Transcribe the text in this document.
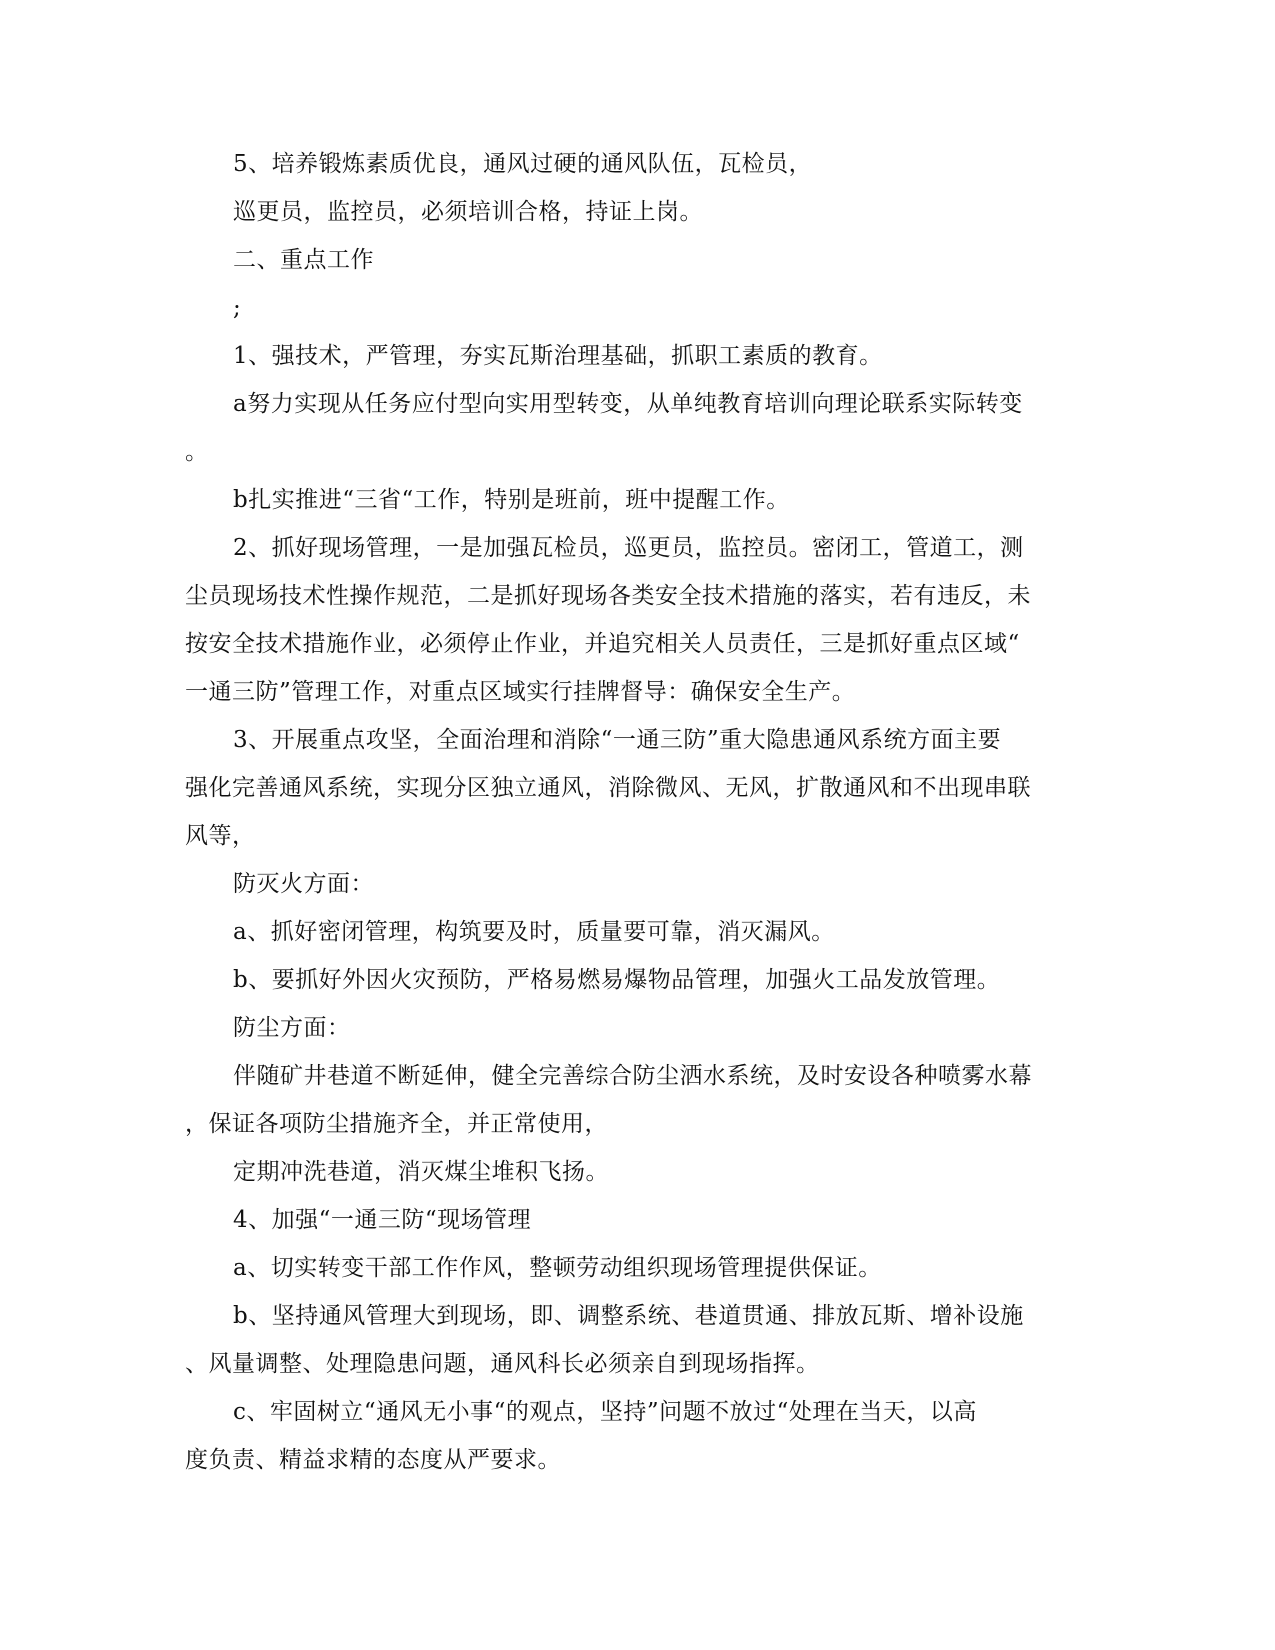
5、培养锻炼素质优良，通风过硬的通风队伍，瓦检员，
巡更员，监控员，必须培训合格，持证上岗。
二、重点工作
;
1、强技术，严管理，夯实瓦斯治理基础，抓职工素质的教育。
a努力实现从任务应付型向实用型转变，从单纯教育培训向理论联系实际转变
。
b扎实推进“三省“工作，特别是班前，班中提醒工作。
2、抓好现场管理，一是加强瓦检员，巡更员，监控员。密闭工，管道工，测
尘员现场技术性操作规范，二是抓好现场各类安全技术措施的落实，若有违反，未
按安全技术措施作业，必须停止作业，并追究相关人员责任，三是抓好重点区域“
一通三防”管理工作，对重点区域实行挂牌督导：确保安全生产。
3、开展重点攻坚，全面治理和消除“一通三防”重大隐患通风系统方面主要
强化完善通风系统，实现分区独立通风，消除微风、无风，扩散通风和不出现串联
风等，
防灭火方面：
a、抓好密闭管理，构筑要及时，质量要可靠，消灭漏风。
b、要抓好外因火灾预防，严格易燃易爆物品管理，加强火工品发放管理。
防尘方面：
伴随矿井巷道不断延伸，健全完善综合防尘洒水系统，及时安设各种喷雾水幕
，保证各项防尘措施齐全，并正常使用，
定期冲洗巷道，消灭煤尘堆积飞扬。
4、加强“一通三防“现场管理
a、切实转变干部工作作风，整顿劳动组织现场管理提供保证。
b、坚持通风管理大到现场，即、调整系统、巷道贯通、排放瓦斯、增补设施
、风量调整、处理隐患问题，通风科长必须亲自到现场指挥。
c、牢固树立“通风无小事“的观点，坚持”问题不放过“处理在当天，以高
度负责、精益求精的态度从严要求。
